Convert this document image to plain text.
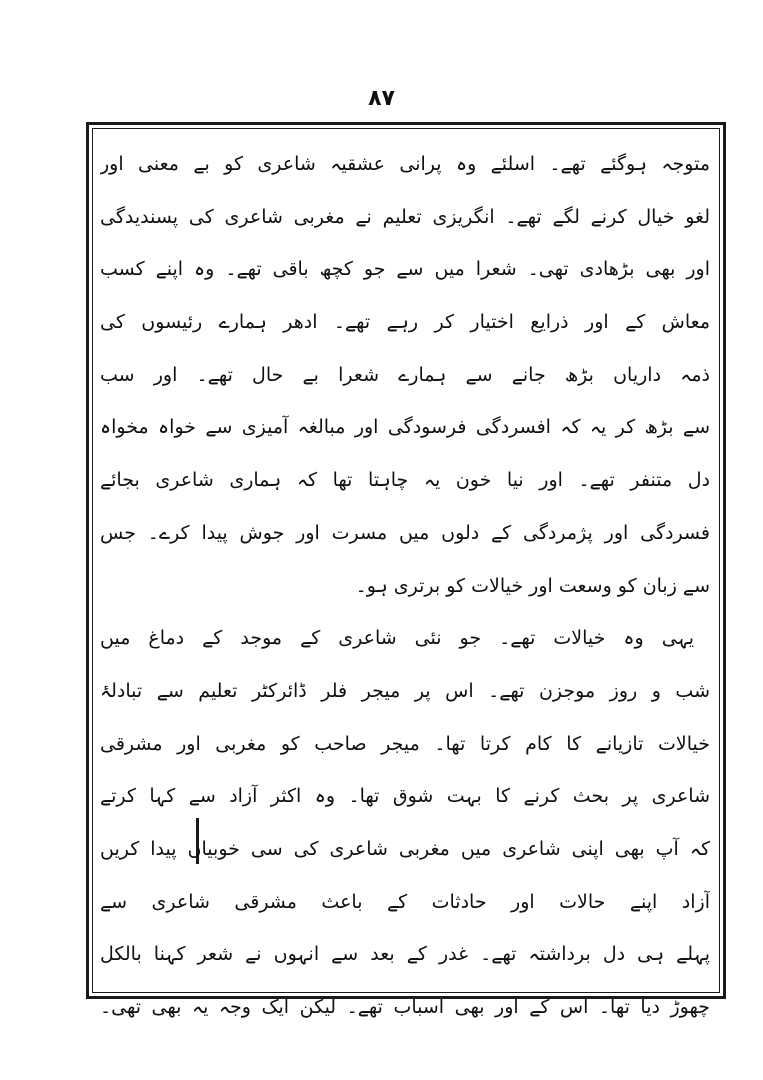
۸۷
متوجہ ہوگئے تھے۔ اسلئے وہ پرانی عشقیہ شاعری کو بے معنی اور
لغو خیال کرنے لگے تھے۔ انگریزی تعلیم نے مغربی شاعری کی پسندیدگی
اور بھی بڑھادی تھی۔ شعرا میں سے جو کچھ باقی تھے۔ وہ اپنے کسب
معاش کے اور ذرایع اختیار کر رہے تھے۔ ادھر ہمارے رئیسوں کی
ذمہ داریاں بڑھ جانے سے ہمارے شعرا بے حال تھے۔ اور سب
سے بڑھ کر یہ کہ افسردگی فرسودگی اور مبالغہ آمیزی سے خواہ مخواہ
دل متنفر تھے۔ اور نیا خون یہ چاہتا تھا کہ ہماری شاعری بجائے
فسردگی اور پژمردگی کے دلوں میں مسرت اور جوش پیدا کرے۔ جس
سے زبان کو وسعت اور خیالات کو برتری ہو۔
یہی وہ خیالات تھے۔ جو نئی شاعری کے موجد کے دماغ میں
شب و روز موجزن تھے۔ اس پر میجر فلر ڈائرکٹر تعلیم سے تبادلۂ
خیالات تازیانے کا کام کرتا تھا۔ میجر صاحب کو مغربی اور مشرقی
شاعری پر بحث کرنے کا بہت شوق تھا۔ وہ اکثر آزاد سے کہا کرتے
کہ آپ بھی اپنی شاعری میں مغربی شاعری کی سی خوبیاں پیدا کریں
آزاد اپنے حالات اور حادثات کے باعث مشرقی شاعری سے
پہلے ہی دل برداشتہ تھے۔ غدر کے بعد سے انہوں نے شعر کہنا بالکل
چھوڑ دیا تھا۔ اس کے اور بھی اسباب تھے۔ لیکن ایک وجہ یہ بھی تھی۔
